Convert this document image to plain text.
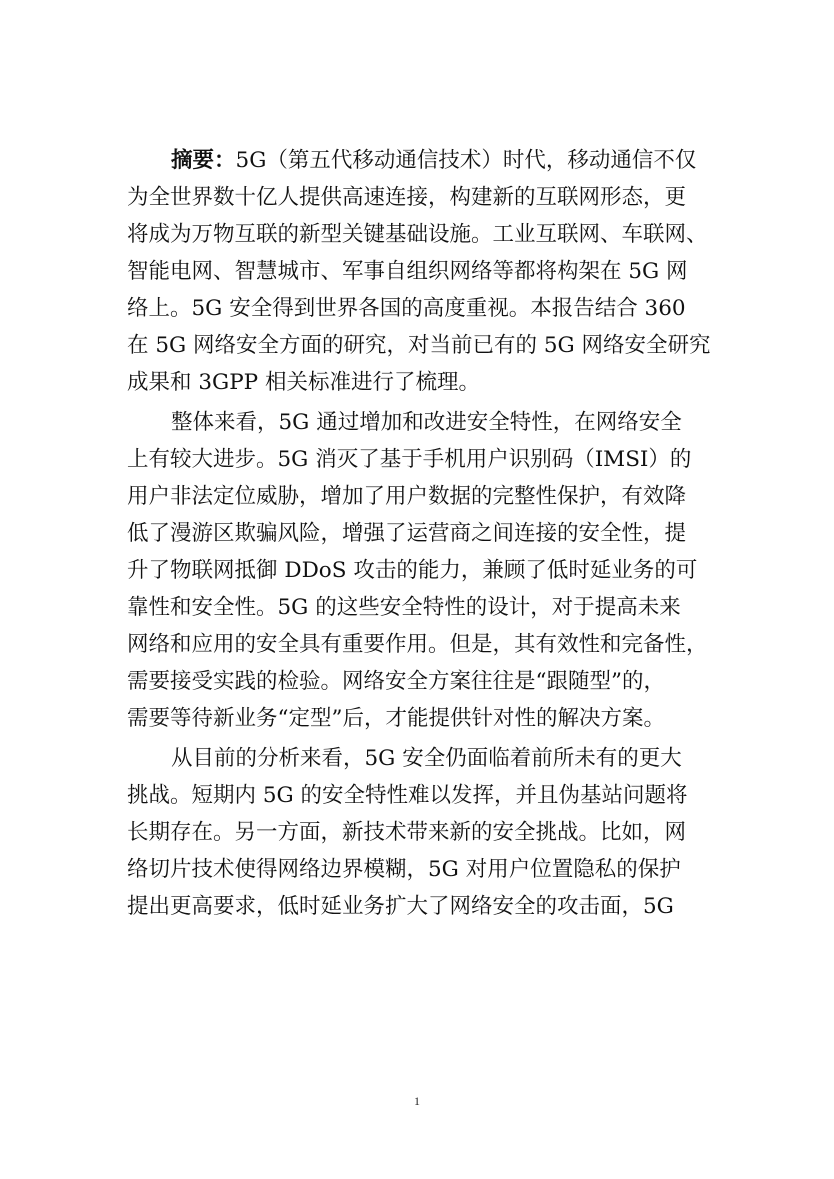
摘要：5G（第五代移动通信技术）时代，移动通信不仅
为全世界数十亿人提供高速连接，构建新的互联网形态，更
将成为万物互联的新型关键基础设施。工业互联网、车联网、
智能电网、智慧城市、军事自组织网络等都将构架在 5G 网
络上。5G 安全得到世界各国的高度重视。本报告结合 360
在 5G 网络安全方面的研究，对当前已有的 5G 网络安全研究
成果和 3GPP 相关标准进行了梳理。
整体来看，5G 通过增加和改进安全特性，在网络安全
上有较大进步。5G 消灭了基于手机用户识别码（IMSI）的
用户非法定位威胁，增加了用户数据的完整性保护，有效降
低了漫游区欺骗风险，增强了运营商之间连接的安全性，提
升了物联网抵御 DDoS 攻击的能力，兼顾了低时延业务的可
靠性和安全性。5G 的这些安全特性的设计，对于提高未来
网络和应用的安全具有重要作用。但是，其有效性和完备性，
需要接受实践的检验。网络安全方案往往是“跟随型”的，
需要等待新业务“定型”后，才能提供针对性的解决方案。
从目前的分析来看，5G 安全仍面临着前所未有的更大
挑战。短期内 5G 的安全特性难以发挥，并且伪基站问题将
长期存在。另一方面，新技术带来新的安全挑战。比如，网
络切片技术使得网络边界模糊，5G 对用户位置隐私的保护
提出更高要求，低时延业务扩大了网络安全的攻击面，5G
1
